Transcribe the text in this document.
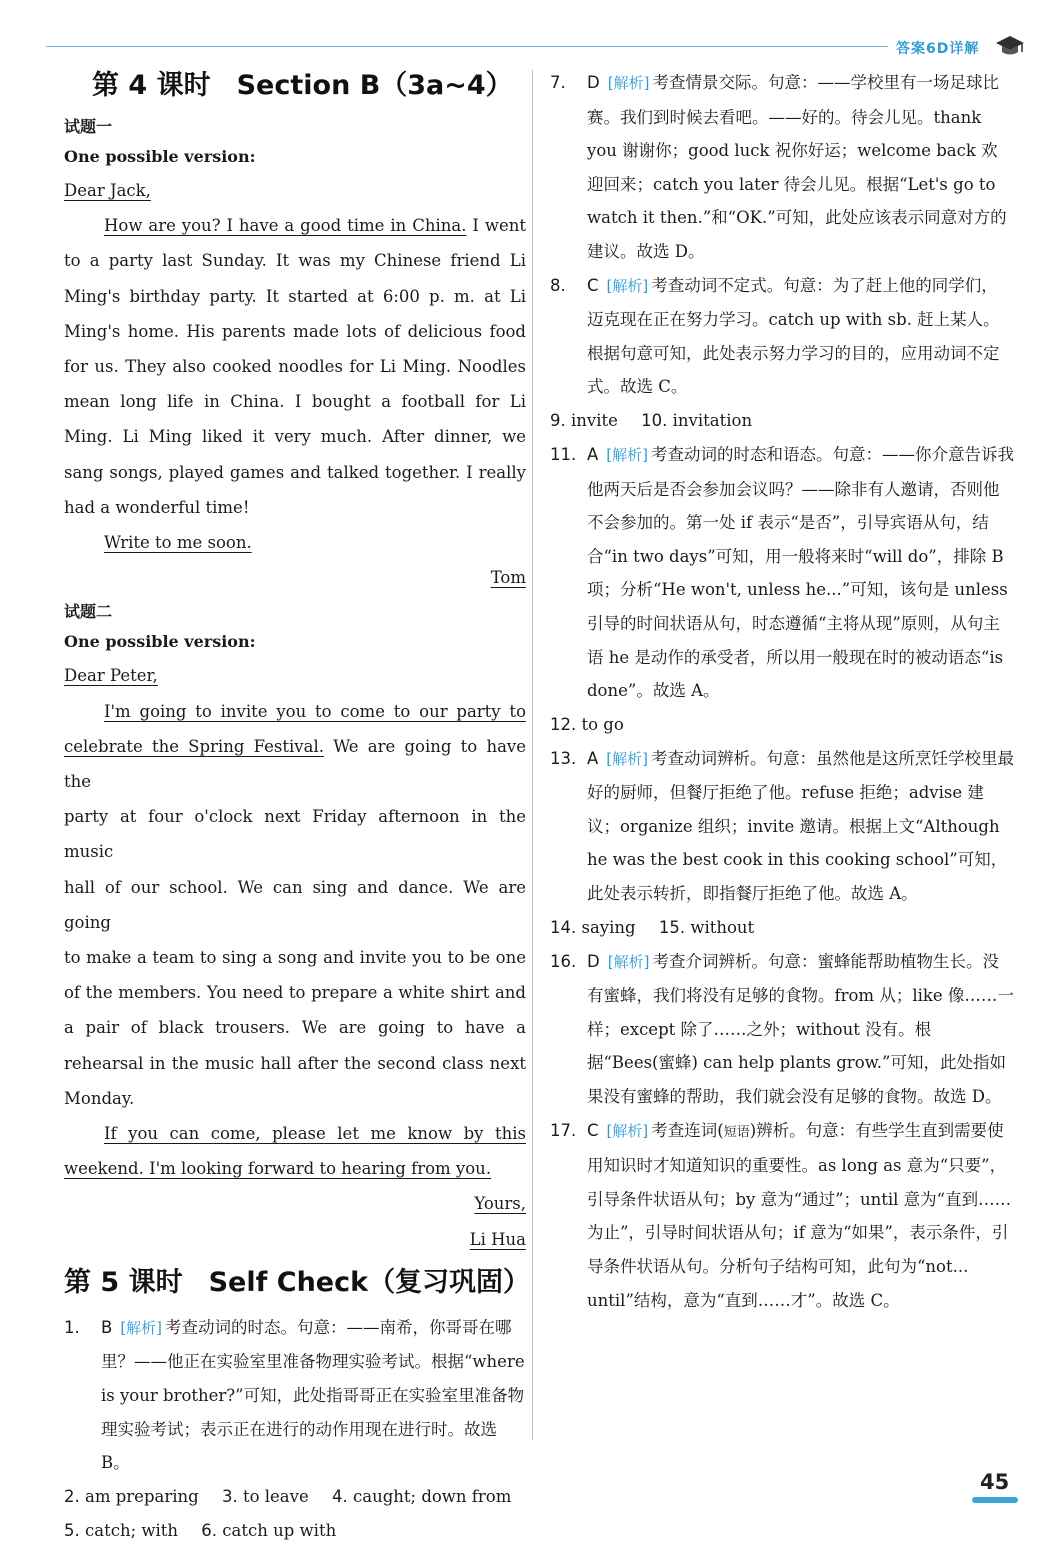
答案6D详解
第 4 课时 Section B（3a~4）

试题一

One possible version:

Dear Jack,

How are you? I have a good time in China. I went

to a party last Sunday. It was my Chinese friend Li

Ming's birthday party. It started at 6:00 p. m. at Li

Ming's home. His parents made lots of delicious food

for us. They also cooked noodles for Li Ming. Noodles

mean long life in China. I bought a football for Li

Ming. Li Ming liked it very much. After dinner, we

sang songs, played games and talked together. I really

had a wonderful time!

Write to me soon.

Tom

试题二

One possible version:

Dear Peter,

I'm going to invite you to come to our party to

celebrate the Spring Festival. We are going to have the

party at four o'clock next Friday afternoon in the music

hall of our school. We can sing and dance. We are going

to make a team to sing a song and invite you to be one

of the members. You need to prepare a white shirt and

a pair of black trousers. We are going to have a

rehearsal in the music hall after the second class next

Monday.

If you can come, please let me know by this

weekend. I'm looking forward to hearing from you.

Yours,

Li Hua

第 5 课时 Self Check（复习巩固）

1. B [解析] 考查动词的时态。句意：——南希，你哥哥在哪里？——他正在实验室里准备物理实验考试。根据“where is your brother?”可知，此处指哥哥正在实验室里准备物理实验考试；表示正在进行的动作用现在进行时。故选 B。

2. am preparing 3. to leave 4. caught; down from

5. catch; with 6. catch up with

7. D [解析] 考查情景交际。句意：——学校里有一场足球比赛。我们到时候去看吧。——好的。待会儿见。thank you 谢谢你；good luck 祝你好运；welcome back 欢迎回来；catch you later 待会儿见。根据“Let's go to watch it then.”和“OK.”可知，此处应该表示同意对方的建议。故选 D。

8. C [解析] 考查动词不定式。句意：为了赶上他的同学们，迈克现在正在努力学习。catch up with sb. 赶上某人。根据句意可知，此处表示努力学习的目的，应用动词不定式。故选 C。

9. invite 10. invitation

11. A [解析] 考查动词的时态和语态。句意：——你介意告诉我他两天后是否会参加会议吗？——除非有人邀请，否则他不会参加的。第一处 if 表示“是否”，引导宾语从句，结合“in two days”可知，用一般将来时“will do”，排除 B 项；分析“He won't, unless he...”可知，该句是 unless 引导的时间状语从句，时态遵循“主将从现”原则，从句主语 he 是动作的承受者，所以用一般现在时的被动语态“is done”。故选 A。

12. to go

13. A [解析] 考查动词辨析。句意：虽然他是这所烹饪学校里最好的厨师，但餐厅拒绝了他。refuse 拒绝；advise 建议；organize 组织；invite 邀请。根据上文“Although he was the best cook in this cooking school”可知，此处表示转折，即指餐厅拒绝了他。故选 A。

14. saying 15. without

16. D [解析] 考查介词辨析。句意：蜜蜂能帮助植物生长。没有蜜蜂，我们将没有足够的食物。from 从；like 像……一样；except 除了……之外；without 没有。根据“Bees(蜜蜂) can help plants grow.”可知，此处指如果没有蜜蜂的帮助，我们就会没有足够的食物。故选 D。

17. C [解析] 考查连词(短语)辨析。句意：有些学生直到需要使用知识时才知道知识的重要性。as long as 意为“只要”，引导条件状语从句；by 意为“通过”；until 意为“直到……为止”，引导时间状语从句；if 意为“如果”，表示条件，引导条件状语从句。分析句子结构可知，此句为“not... until”结构，意为“直到……才”。故选 C。

45
